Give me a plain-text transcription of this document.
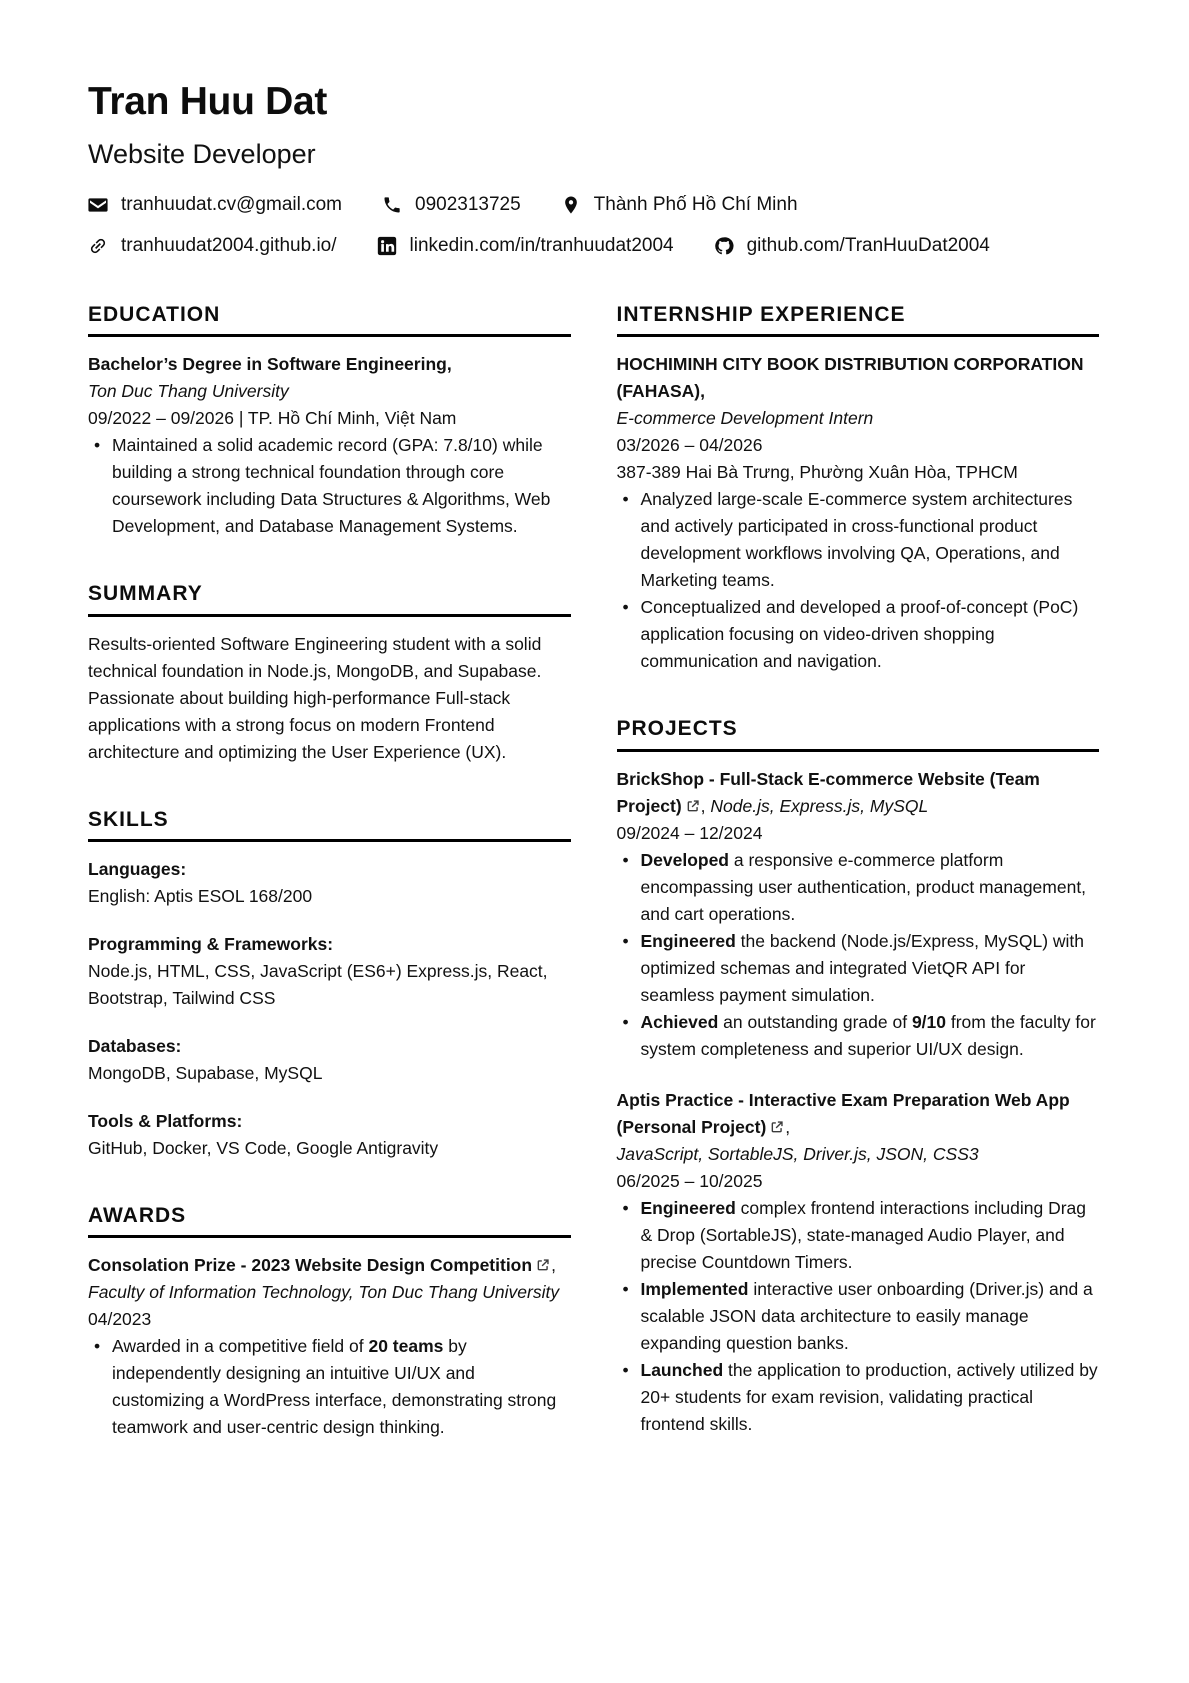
Tran Huu Dat
Website Developer
tranhuudat.cv@gmail.com	0902313725	Thành Phố Hồ Chí Minh
tranhuudat2004.github.io/	linkedin.com/in/tranhuudat2004	github.com/TranHuuDat2004
EDUCATION
Bachelor’s Degree in Software Engineering,
Ton Duc Thang University
09/2022 – 09/2026 | TP. Hồ Chí Minh, Việt Nam
• Maintained a solid academic record (GPA: 7.8/10) while building a strong technical foundation through core coursework including Data Structures & Algorithms, Web Development, and Database Management Systems.
SUMMARY

Results-oriented Software Engineering student with a solid technical foundation in Node.js, MongoDB, and Supabase. Passionate about building high-performance Full-stack applications with a strong focus on modern Frontend architecture and optimizing the User Experience (UX).

SKILLS
Languages:
English: Aptis ESOL 168/200
Programming & Frameworks:
Node.js, HTML, CSS, JavaScript (ES6+) Express.js, React, Bootstrap, Tailwind CSS
Databases:
MongoDB, Supabase, MySQL
Tools & Platforms:
GitHub, Docker, VS Code, Google Antigravity
AWARDS
Consolation Prize - 2023 Website Design Competition , Faculty of Information Technology, Ton Duc Thang University
04/2023
• Awarded in a competitive field of 20 teams by independently designing an intuitive UI/UX and customizing a WordPress interface, demonstrating strong teamwork and user-centric design thinking.
INTERNSHIP EXPERIENCE
HOCHIMINH CITY BOOK DISTRIBUTION CORPORATION (FAHASA),
E-commerce Development Intern
03/2026 – 04/2026
387-389 Hai Bà Trưng, Phường Xuân Hòa, TPHCM
• Analyzed large-scale E-commerce system architectures and actively participated in cross-functional product development workflows involving QA, Operations, and Marketing teams.
• Conceptualized and developed a proof-of-concept (PoC) application focusing on video-driven shopping communication and navigation.
PROJECTS
BrickShop - Full-Stack E-commerce Website (Team Project) , Node.js, Express.js, MySQL
09/2024 – 12/2024
• Developed a responsive e-commerce platform encompassing user authentication, product management, and cart operations.
• Engineered the backend (Node.js/Express, MySQL) with optimized schemas and integrated VietQR API for seamless payment simulation.
• Achieved an outstanding grade of 9/10 from the faculty for system completeness and superior UI/UX design.
Aptis Practice - Interactive Exam Preparation Web App (Personal Project) ,
JavaScript, SortableJS, Driver.js, JSON, CSS3
06/2025 – 10/2025
• Engineered complex frontend interactions including Drag & Drop (SortableJS), state-managed Audio Player, and precise Countdown Timers.
• Implemented interactive user onboarding (Driver.js) and a scalable JSON data architecture to easily manage expanding question banks.
• Launched the application to production, actively utilized by 20+ students for exam revision, validating practical frontend skills.
